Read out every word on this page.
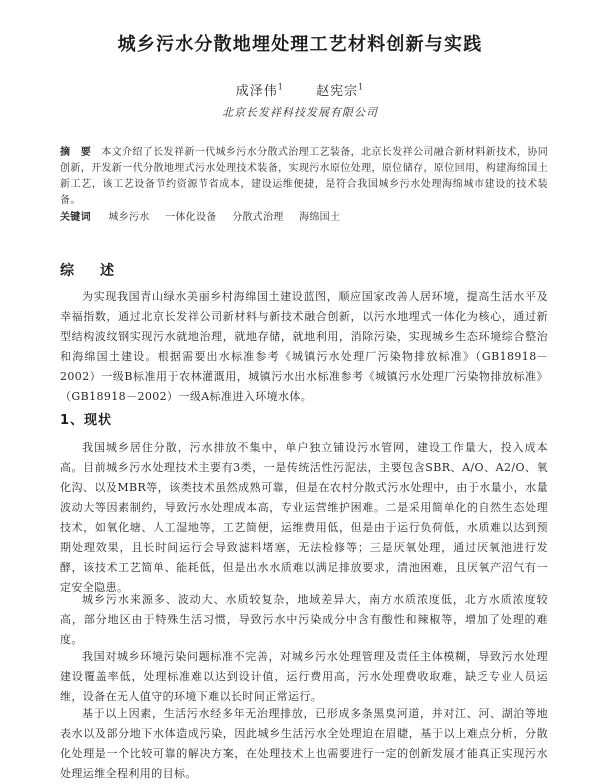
城乡污水分散地埋处理工艺材料创新与实践
成泽伟$^1$ 赵宪宗$^1$
北京长发祥科技发展有限公司
摘　要 本文介绍了长发祥新一代城乡污水分散式治理工艺装备，北京长发祥公司融合新材料新技术，协同创新，开发新一代分散地埋式污水处理技术装备，实现污水原位处理，原位储存，原位回用，构建海绵国土新工艺，该工艺设备节约资源节省成本，建设运维便捷，是符合我国城乡污水处理海绵城市建设的技术装备。
关键词 城乡污水 一体化设备 分散式治理 海绵国土
综　述

为实现我国青山绿水美丽乡村海绵国土建设蓝图，顺应国家改善人居环境，提高生活水平及幸福指数，通过北京长发祥公司新材料与新技术融合创新，以污水地埋式一体化为核心，通过新型结构波纹钢实现污水就地治理，就地存储，就地利用，消除污染，实现城乡生态环境综合整治和海绵国土建设。根据需要出水标准参考《城镇污水处理厂污染物排放标准》（GB18918－2002）一级B标准用于农林灌溉用，城镇污水出水标准参考《城镇污水处理厂污染物排放标准》（GB18918－2002）一级A标准进入环境水体。

1、现状

我国城乡居住分散，污水排放不集中，单户独立铺设污水管网，建设工作量大，投入成本高。目前城乡污水处理技术主要有3类，一是传统活性污泥法，主要包含SBR、A/O、A2/O、氧化沟、以及MBR等，该类技术虽然成熟可靠，但是在农村分散式污水处理中，由于水量小，水量波动大等因素制约，导致污水处理成本高，专业运营维护困难。二是采用简单化的自然生态处理技术，如氧化塘、人工湿地等，工艺简便，运维费用低，但是由于运行负荷低，水质难以达到预期处理效果，且长时间运行会导致滤料堵塞，无法检修等；三是厌氧处理，通过厌氧池进行发酵，该技术工艺简单、能耗低，但是出水水质难以满足排放要求，清池困难，且厌氧产沼气有一定安全隐患。

城乡污水来源多、波动大、水质较复杂，地域差异大，南方水质浓度低，北方水质浓度较高，部分地区由于特殊生活习惯，导致污水中污染成分中含有酸性和辣椒等，增加了处理的难度。

我国对城乡环境污染问题标准不完善，对城乡污水处理管理及责任主体模糊，导致污水处理建设覆盖率低，处理标准难以达到设计值，运行费用高，污水处理费收取难，缺乏专业人员运维，设备在无人值守的环境下难以长时间正常运行。

基于以上因素，生活污水经多年无治理排放，已形成多条黑臭河道，并对江、河、湖泊等地表水以及部分地下水体造成污染，因此城乡生活污水全处理迫在眉睫，基于以上难点分析，分散化处理是一个比较可靠的解决方案，在处理技术上也需要进行一定的创新发展才能真正实现污水处理运维全程利用的目标。
